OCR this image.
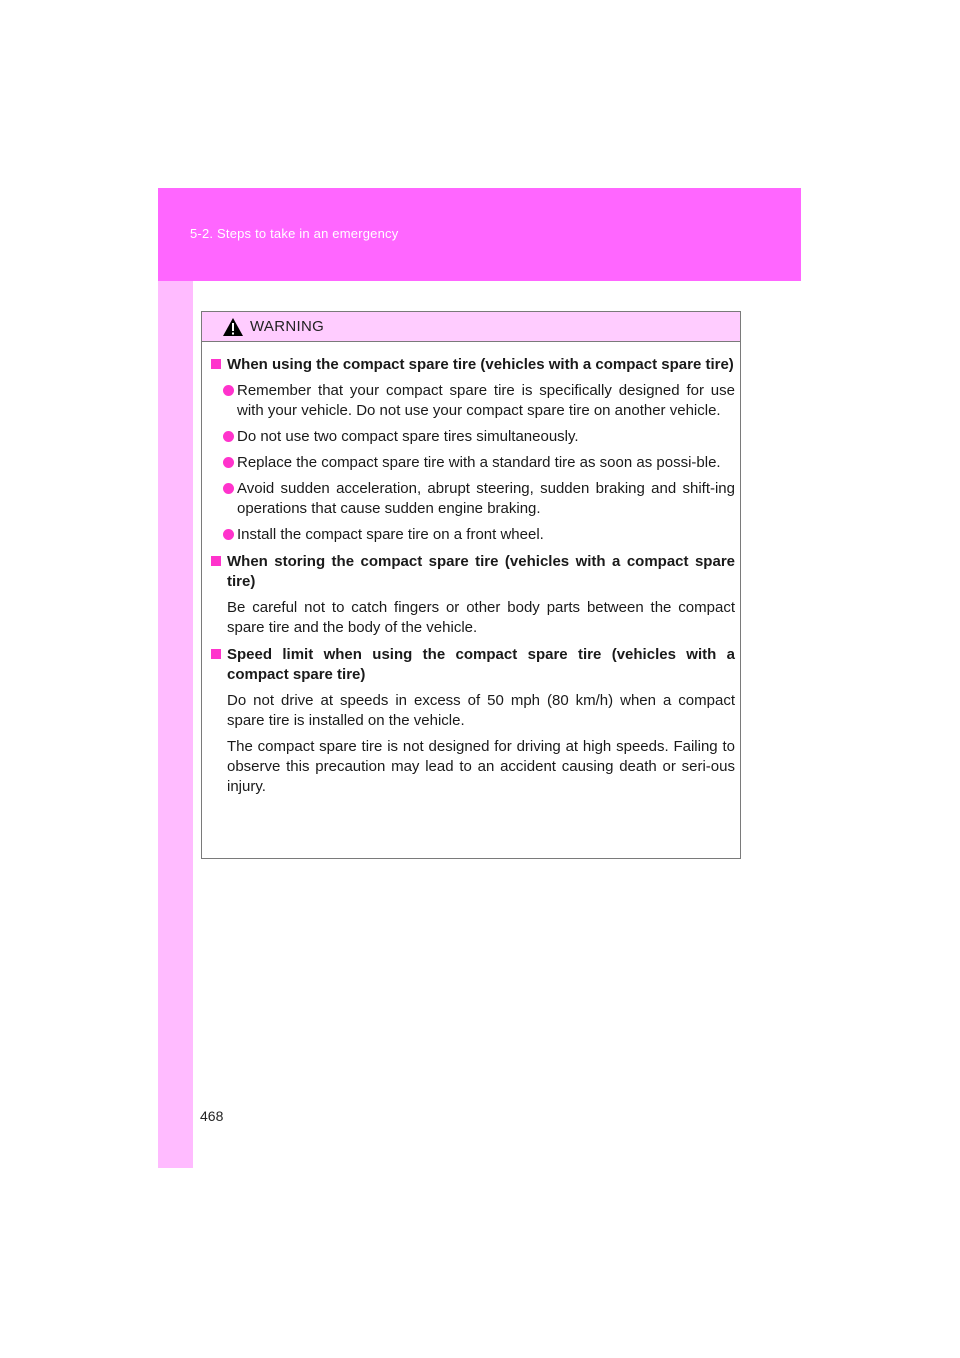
5-2. Steps to take in an emergency
WARNING
When using the compact spare tire (vehicles with a compact spare tire)
Remember that your compact spare tire is specifically designed for use with your vehicle. Do not use your compact spare tire on another vehicle.
Do not use two compact spare tires simultaneously.
Replace the compact spare tire with a standard tire as soon as possi-ble.
Avoid sudden acceleration, abrupt steering, sudden braking and shift-ing operations that cause sudden engine braking.
Install the compact spare tire on a front wheel.
When storing the compact spare tire (vehicles with a compact spare tire)
Be careful not to catch fingers or other body parts between the compact spare tire and the body of the vehicle.
Speed limit when using the compact spare tire (vehicles with a compact spare tire)
Do not drive at speeds in excess of 50 mph (80 km/h) when a compact spare tire is installed on the vehicle.
The compact spare tire is not designed for driving at high speeds. Failing to observe this precaution may lead to an accident causing death or seri-ous injury.
468
